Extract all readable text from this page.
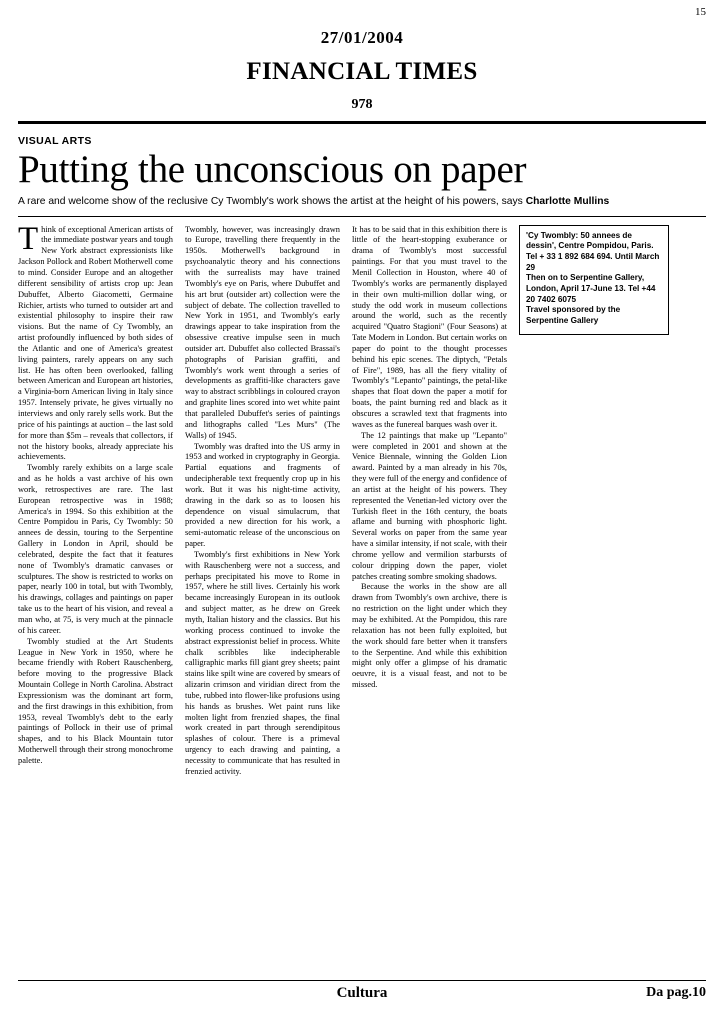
15
27/01/2004
FINANCIAL TIMES
978
VISUAL ARTS
Putting the unconscious on paper
A rare and welcome show of the reclusive Cy Twombly's work shows the artist at the height of his powers, says Charlotte Mullins

Think of exceptional American artists of the immediate postwar years and tough New York abstract expressionists like Jackson Pollock and Robert Motherwell come to mind. Consider Europe and an altogether different sensibility of artists crop up: Jean Dubuffet, Alberto Giacometti, Germaine Richier, artists who turned to outsider art and existential philosophy to inspire their raw visions. But the name of Cy Twombly, an artist profoundly influenced by both sides of the Atlantic and one of America's greatest living painters, rarely appears on any such list. He has often been overlooked, falling between American and European art histories, a Virginia-born American living in Italy since 1957. Intensely private, he gives virtually no interviews and only rarely sells work. But the price of his paintings at auction – the last sold for more than $5m – reveals that collectors, if not the history books, already appreciate his achievements.

Twombly rarely exhibits on a large scale and as he holds a vast archive of his own work, retrospectives are rare. The last European retrospective was in 1988; America's in 1994. So this exhibition at the Centre Pompidou in Paris, Cy Twombly: 50 annees de dessin, touring to the Serpentine Gallery in London in April, should be celebrated, despite the fact that it features none of Twombly's dramatic canvases or sculptures. The show is restricted to works on paper, nearly 100 in total, but with Twombly, his drawings, collages and paintings on paper take us to the heart of his vision, and reveal a man who, at 75, is very much at the pinnacle of his career.

Twombly studied at the Art Students League in New York in 1950, where he became friendly with Robert Rauschenberg, before moving to the progressive Black Mountain College in North Carolina. Abstract Expressionism was the dominant art form, and the first drawings in this exhibition, from 1953, reveal Twombly's debt to the early paintings of Pollock in their use of primal shapes, and to his Black Mountain tutor Motherwell through their strong monochrome palette.

Twombly, however, was increasingly drawn to Europe, travelling there frequently in the 1950s. Motherwell's background in psychoanalytic theory and his connections with the surrealists may have trained Twombly's eye on Paris, where Dubuffet and his art brut (outsider art) collection were the subject of debate. The collection travelled to New York in 1951, and Twombly's early drawings appear to take inspiration from the obsessive creative impulse seen in much outsider art. Dubuffet also collected Brassai's photographs of Parisian graffiti, and Twombly's work went through a series of developments as graffiti-like characters gave way to abstract scribblings in coloured crayon and graphite lines scored into wet white paint that paralleled Dubuffet's series of paintings and lithographs called "Les Murs" (The Walls) of 1945.

Twombly was drafted into the US army in 1953 and worked in cryptography in Georgia. Partial equations and fragments of undecipherable text frequently crop up in his work. But it was his night-time activity, drawing in the dark so as to loosen his dependence on visual simulacrum, that provided a new direction for his work, a semi-automatic release of the unconscious on paper.

Twombly's first exhibitions in New York with Rauschenberg were not a success, and perhaps precipitated his move to Rome in 1957, where he still lives. Certainly his work became increasingly European in its outlook and subject matter, as he drew on Greek myth, Italian history and the classics. But his working process continued to invoke the abstract expressionist belief in process. White chalk scribbles like indecipherable calligraphic marks fill giant grey sheets; paint stains like spilt wine are covered by smears of alizarin crimson and viridian direct from the tube, rubbed into flower-like profusions using his hands as brushes. Wet paint runs like molten light from frenzied shapes, the final work created in part through serendipitous splashes of colour. There is a primeval urgency to each drawing and painting, a necessity to communicate that has resulted in frenzied activity.

It has to be said that in this exhibition there is little of the heart-stopping exuberance or drama of Twombly's most successful paintings. For that you must travel to the Menil Collection in Houston, where 40 of Twombly's works are permanently displayed in their own multi-million dollar wing, or study the odd work in museum collections around the world, such as the recently acquired "Quatro Stagioni" (Four Seasons) at Tate Modern in London. But certain works on paper do point to the thought processes behind his epic scenes. The diptych, "Petals of Fire", 1989, has all the fiery vitality of Twombly's "Lepanto" paintings, the petal-like shapes that float down the paper a motif for boats, the paint burning red and black as it obscures a scrawled text that fragments into waves as the funereal barques wash over it.

The 12 paintings that make up "Lepanto" were completed in 2001 and shown at the Venice Biennale, winning the Golden Lion award. Painted by a man already in his 70s, they were full of the energy and confidence of an artist at the height of his powers. They represented the Venetian-led victory over the Turkish fleet in the 16th century, the boats aflame and burning with phosphoric light. Several works on paper from the same year have a similar intensity, if not scale, with their chrome yellow and vermilion starbursts of colour dripping down the paper, violet patches creating sombre smoking shadows.

Because the works in the show are all drawn from Twombly's own archive, there is no restriction on the light under which they may be exhibited. At the Pompidou, this rare relaxation has not been fully exploited, but the work should fare better when it transfers to the Serpentine. And while this exhibition might only offer a glimpse of his dramatic oeuvre, it is a visual feast, and not to be missed.

'Cy Twombly: 50 annees de dessin', Centre Pompidou, Paris. Tel + 33 1 892 684 694. Until March 29

Then on to Serpentine Gallery, London, April 17-June 13. Tel +44 20 7402 6075

Travel sponsored by the Serpentine Gallery

Cultura	Da pag.10
